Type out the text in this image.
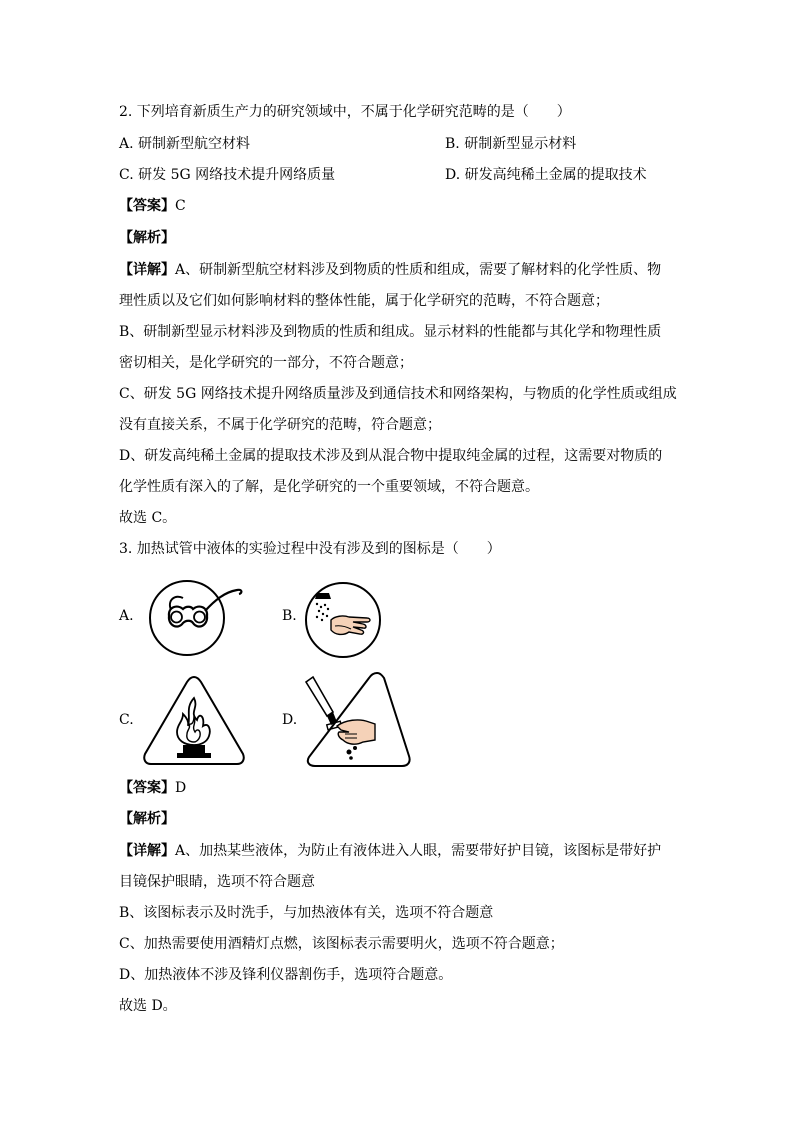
2. 下列培育新质生产力的研究领域中，不属于化学研究范畴的是（　　）
A. 研制新型航空材料	B. 研制新型显示材料
C. 研发 5G 网络技术提升网络质量	D. 研发高纯稀土金属的提取技术
【答案】C
【解析】
【详解】A、研制新型航空材料涉及到物质的性质和组成，需要了解材料的化学性质、物
理性质以及它们如何影响材料的整体性能，属于化学研究的范畴，不符合题意；
B、研制新型显示材料涉及到物质的性质和组成。显示材料的性能都与其化学和物理性质
密切相关，是化学研究的一部分，不符合题意；
C、研发 5G 网络技术提升网络质量涉及到通信技术和网络架构，与物质的化学性质或组成
没有直接关系，不属于化学研究的范畴，符合题意；
D、研发高纯稀土金属的提取技术涉及到从混合物中提取纯金属的过程，这需要对物质的
化学性质有深入的了解，是化学研究的一个重要领域，不符合题意。
故选 C。
3. 加热试管中液体的实验过程中没有涉及到的图标是（　　）
A.	B.
C.	D.
【答案】D
【解析】
【详解】A、加热某些液体，为防止有液体进入人眼，需要带好护目镜，该图标是带好护
目镜保护眼睛，选项不符合题意
B、该图标表示及时洗手，与加热液体有关，选项不符合题意
C、加热需要使用酒精灯点燃，该图标表示需要明火，选项不符合题意；
D、加热液体不涉及锋利仪器割伤手，选项符合题意。
故选 D。
